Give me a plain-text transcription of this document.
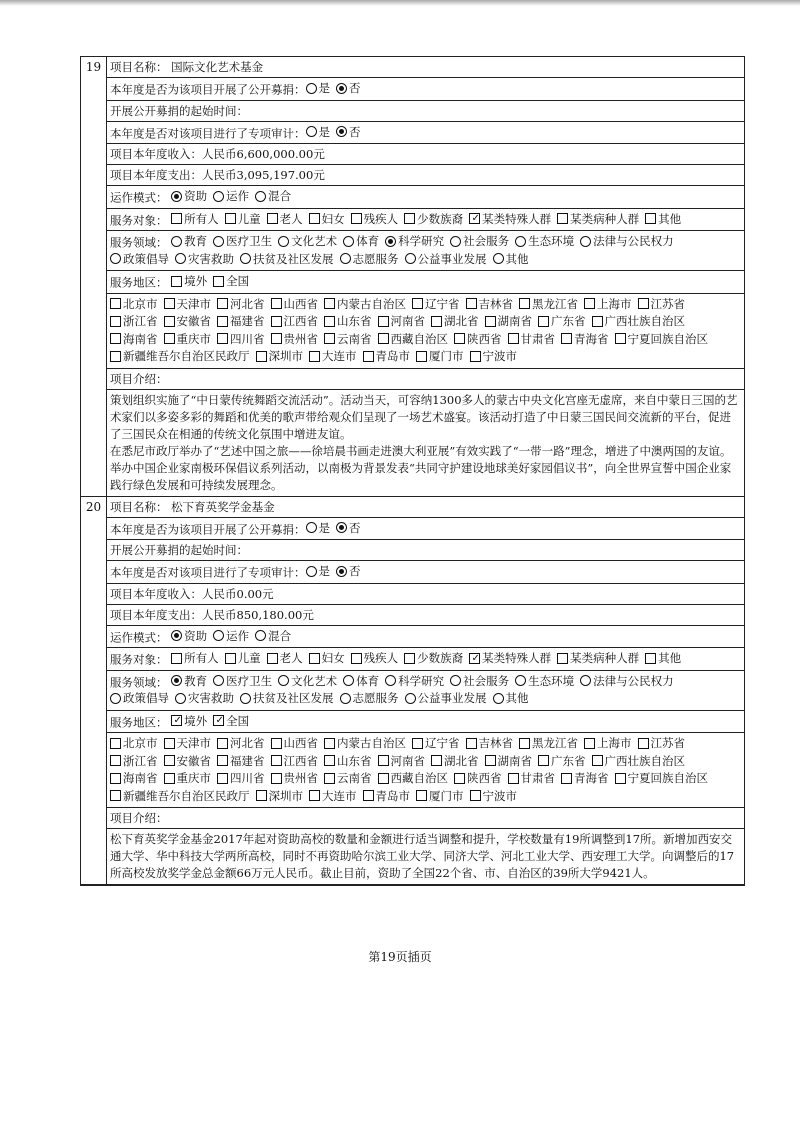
19 项目名称： 国际文化艺术基金
本年度是否为该项目开展了公开募捐： 是 否
开展公开募捐的起始时间：
本年度是否对该项目进行了专项审计： 是 否
项目本年度收入：人民币6,600,000.00元
项目本年度支出：人民币3,095,197.00元
运作模式： 资助 运作 混合
服务对象： 所有人 儿童 老人 妇女 残疾人 少数族裔 ✓ 某类特殊人群 某类病种人群 其他
服务领域： 教育 医疗卫生 文化艺术 体育 科学研究 社会服务 生态环境 法律与公民权力
政策倡导 灾害救助 扶贫及社区发展 志愿服务 公益事业发展 其他
服务地区： 境外 全国
北京市 天津市 河北省 山西省 内蒙古自治区 辽宁省 吉林省 黑龙江省 上海市 江苏省
浙江省 安徽省 福建省 江西省 山东省 河南省 湖北省 湖南省 广东省 广西壮族自治区
海南省 重庆市 四川省 贵州省 云南省 西藏自治区 陕西省 甘肃省 青海省 宁夏回族自治区
新疆维吾尔自治区民政厅 深圳市 大连市 青岛市 厦门市 宁波市
项目介绍：
策划组织实施了“中日蒙传统舞蹈交流活动”。活动当天，可容纳1300多人的蒙古中央文化宫座无虚席，来自中蒙日三国的艺术家们以多姿多彩的舞蹈和优美的歌声带给观众们呈现了一场艺术盛宴。该活动打造了中日蒙三国民间交流新的平台，促进了三国民众在相通的传统文化氛围中增进友谊。
在悉尼市政厅举办了“艺述中国之旅——徐培晨书画走进澳大利亚展”有效实践了“一带一路”理念，增进了中澳两国的友谊。
举办中国企业家南极环保倡议系列活动，以南极为背景发表“共同守护建设地球美好家园倡议书”，向全世界宣誓中国企业家践行绿色发展和可持续发展理念。
20 项目名称： 松下育英奖学金基金
本年度是否为该项目开展了公开募捐： 是 否
开展公开募捐的起始时间：
本年度是否对该项目进行了专项审计： 是 否
项目本年度收入：人民币0.00元
项目本年度支出：人民币850,180.00元
运作模式： 资助 运作 混合
服务对象： 所有人 儿童 老人 妇女 残疾人 少数族裔 ✓ 某类特殊人群 某类病种人群 其他
服务领域： 教育 医疗卫生 文化艺术 体育 科学研究 社会服务 生态环境 法律与公民权力
政策倡导 灾害救助 扶贫及社区发展 志愿服务 公益事业发展 其他
服务地区： ✓ 境外 ✓ 全国
北京市 天津市 河北省 山西省 内蒙古自治区 辽宁省 吉林省 黑龙江省 上海市 江苏省
浙江省 安徽省 福建省 江西省 山东省 河南省 湖北省 湖南省 广东省 广西壮族自治区
海南省 重庆市 四川省 贵州省 云南省 西藏自治区 陕西省 甘肃省 青海省 宁夏回族自治区
新疆维吾尔自治区民政厅 深圳市 大连市 青岛市 厦门市 宁波市
项目介绍：
松下育英奖学金基金2017年起对资助高校的数量和金额进行适当调整和提升，学校数量有19所调整到17所。新增加西安交通大学、华中科技大学两所高校，同时不再资助哈尔滨工业大学、同济大学、河北工业大学、西安理工大学。向调整后的17所高校发放奖学金总金额66万元人民币。截止目前，资助了全国22个省、市、自治区的39所大学9421人。
第19页插页
